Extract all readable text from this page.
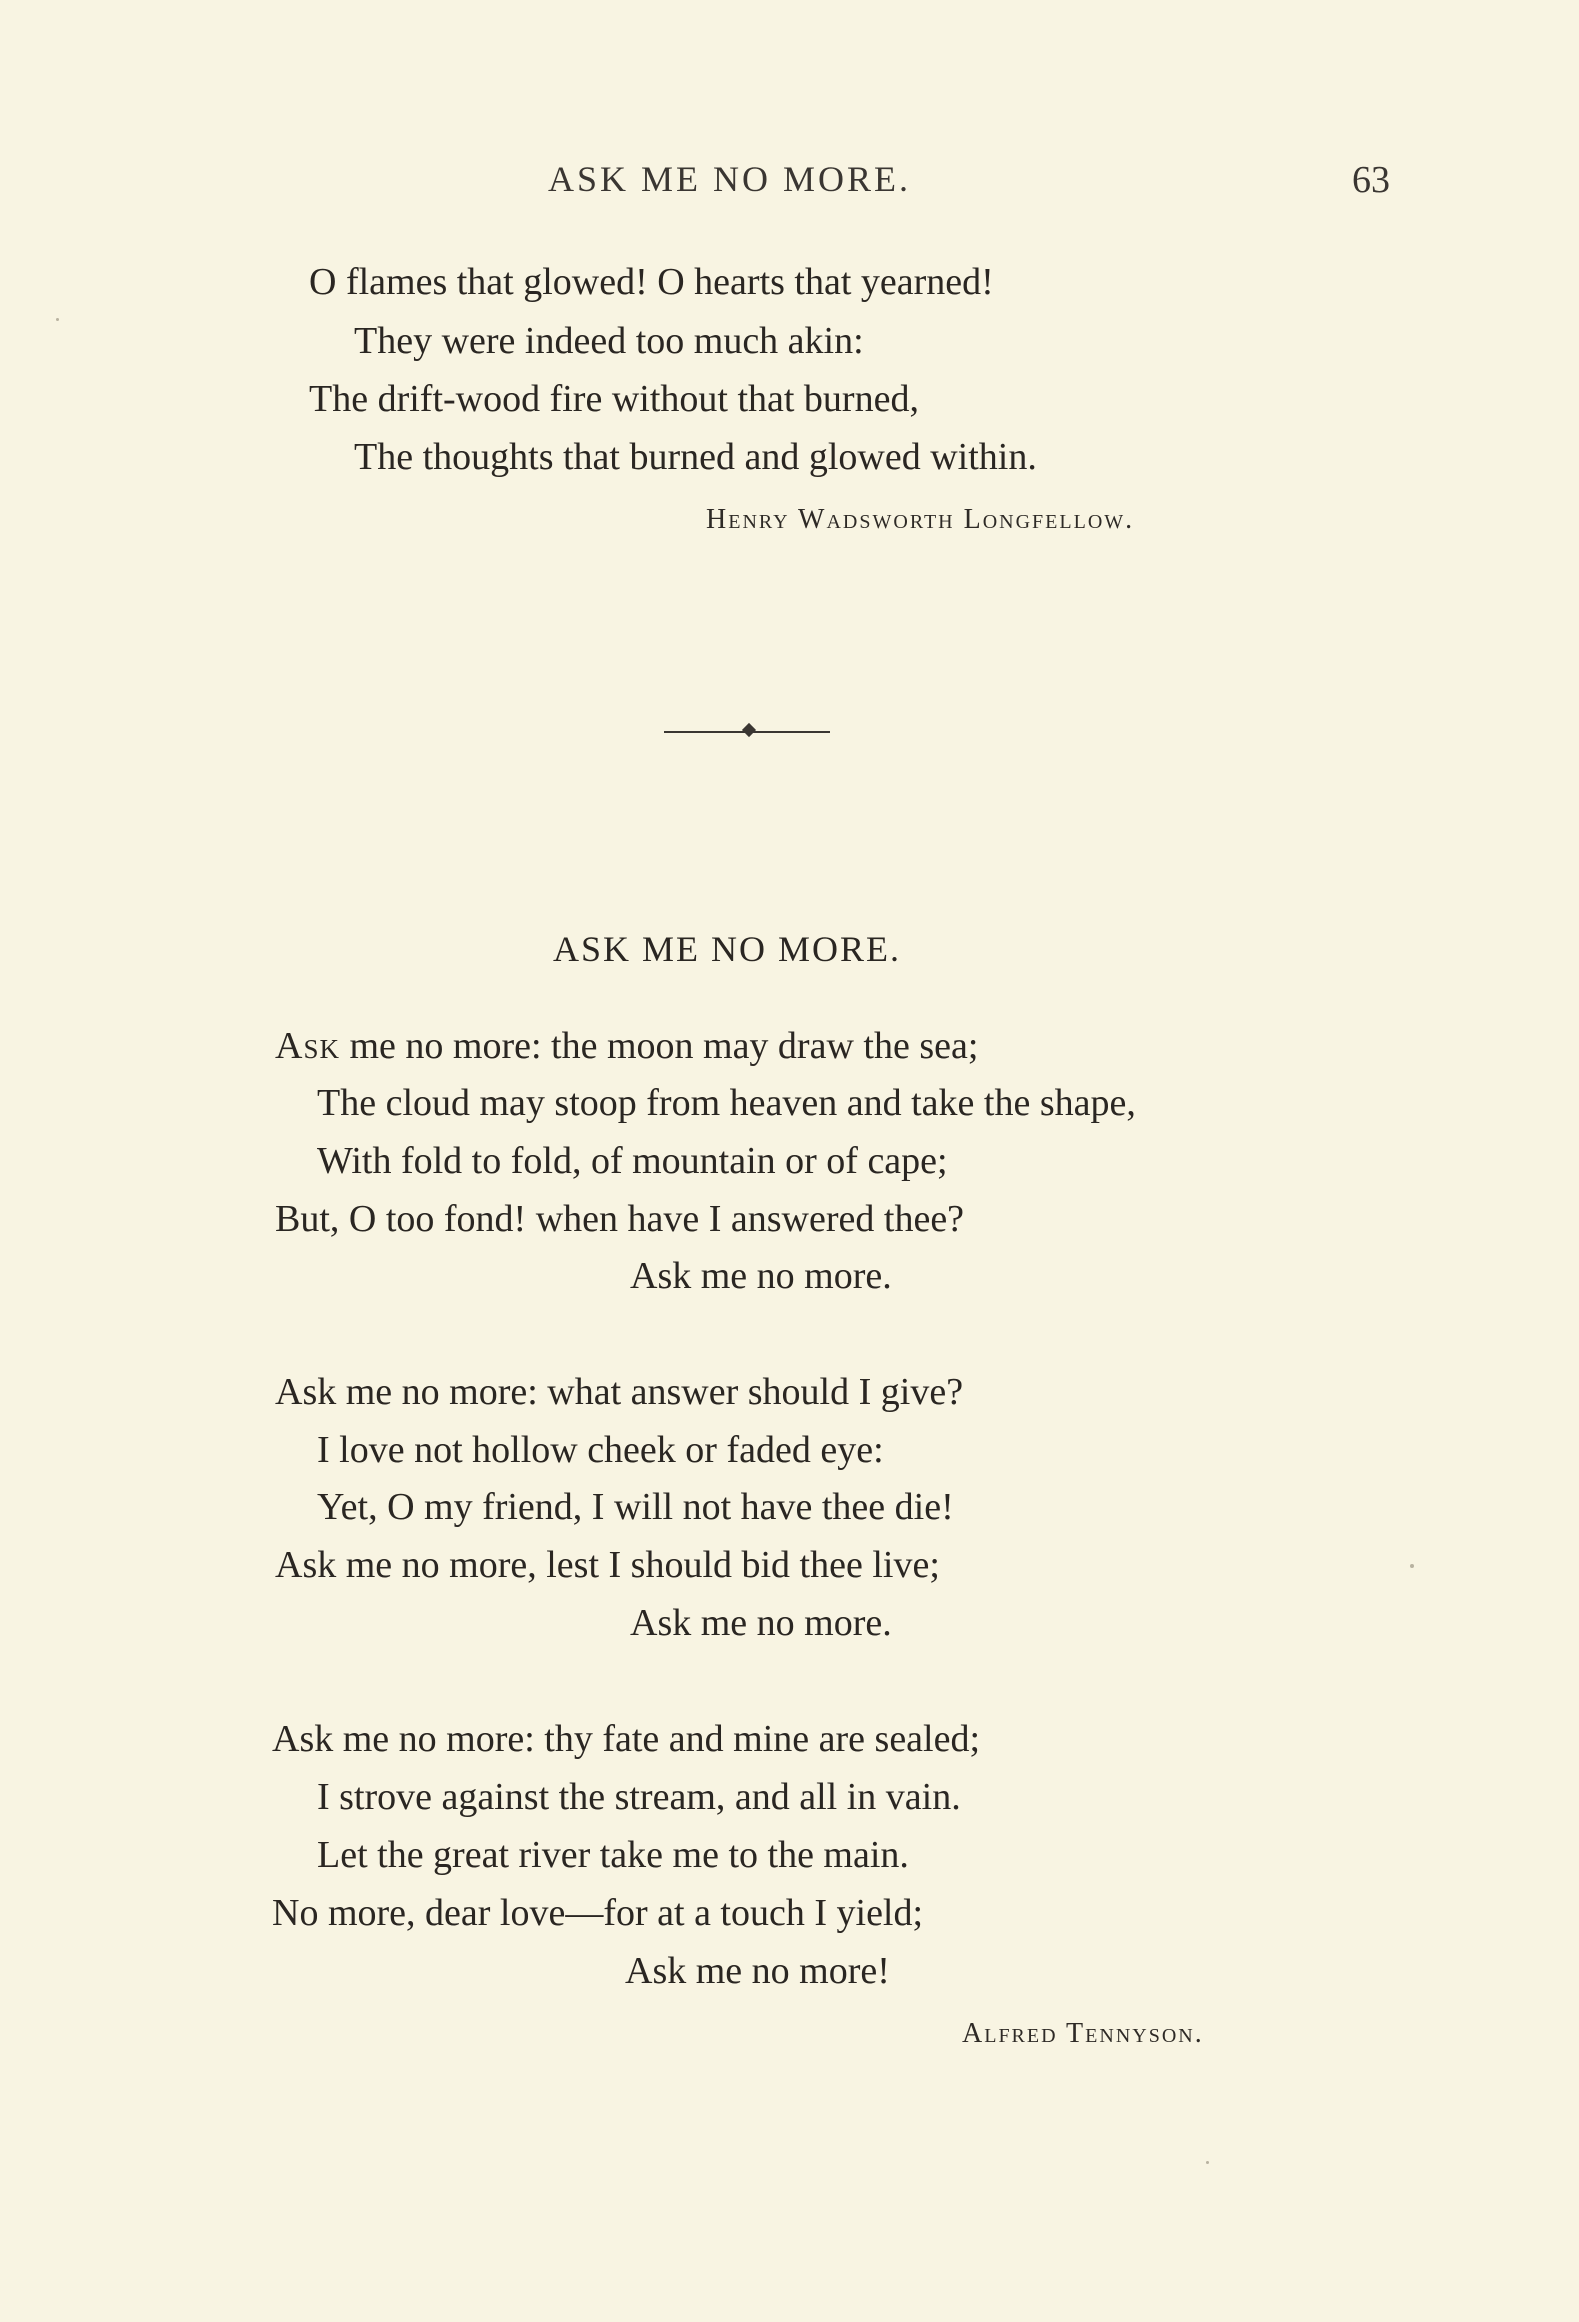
ASK ME NO MORE.	63
O flames that glowed! O hearts that yearned!
They were indeed too much akin:
The drift-wood fire without that burned,
The thoughts that burned and glowed within.
Henry Wadsworth Longfellow.
ASK ME NO MORE.
Ask me no more: the moon may draw the sea;
The cloud may stoop from heaven and take the shape,
With fold to fold, of mountain or of cape;
But, O too fond! when have I answered thee?
Ask me no more.
Ask me no more: what answer should I give?
I love not hollow cheek or faded eye:
Yet, O my friend, I will not have thee die!
Ask me no more, lest I should bid thee live;
Ask me no more.
Ask me no more: thy fate and mine are sealed;
I strove against the stream, and all in vain.
Let the great river take me to the main.
No more, dear love—for at a touch I yield;
Ask me no more!
Alfred Tennyson.
